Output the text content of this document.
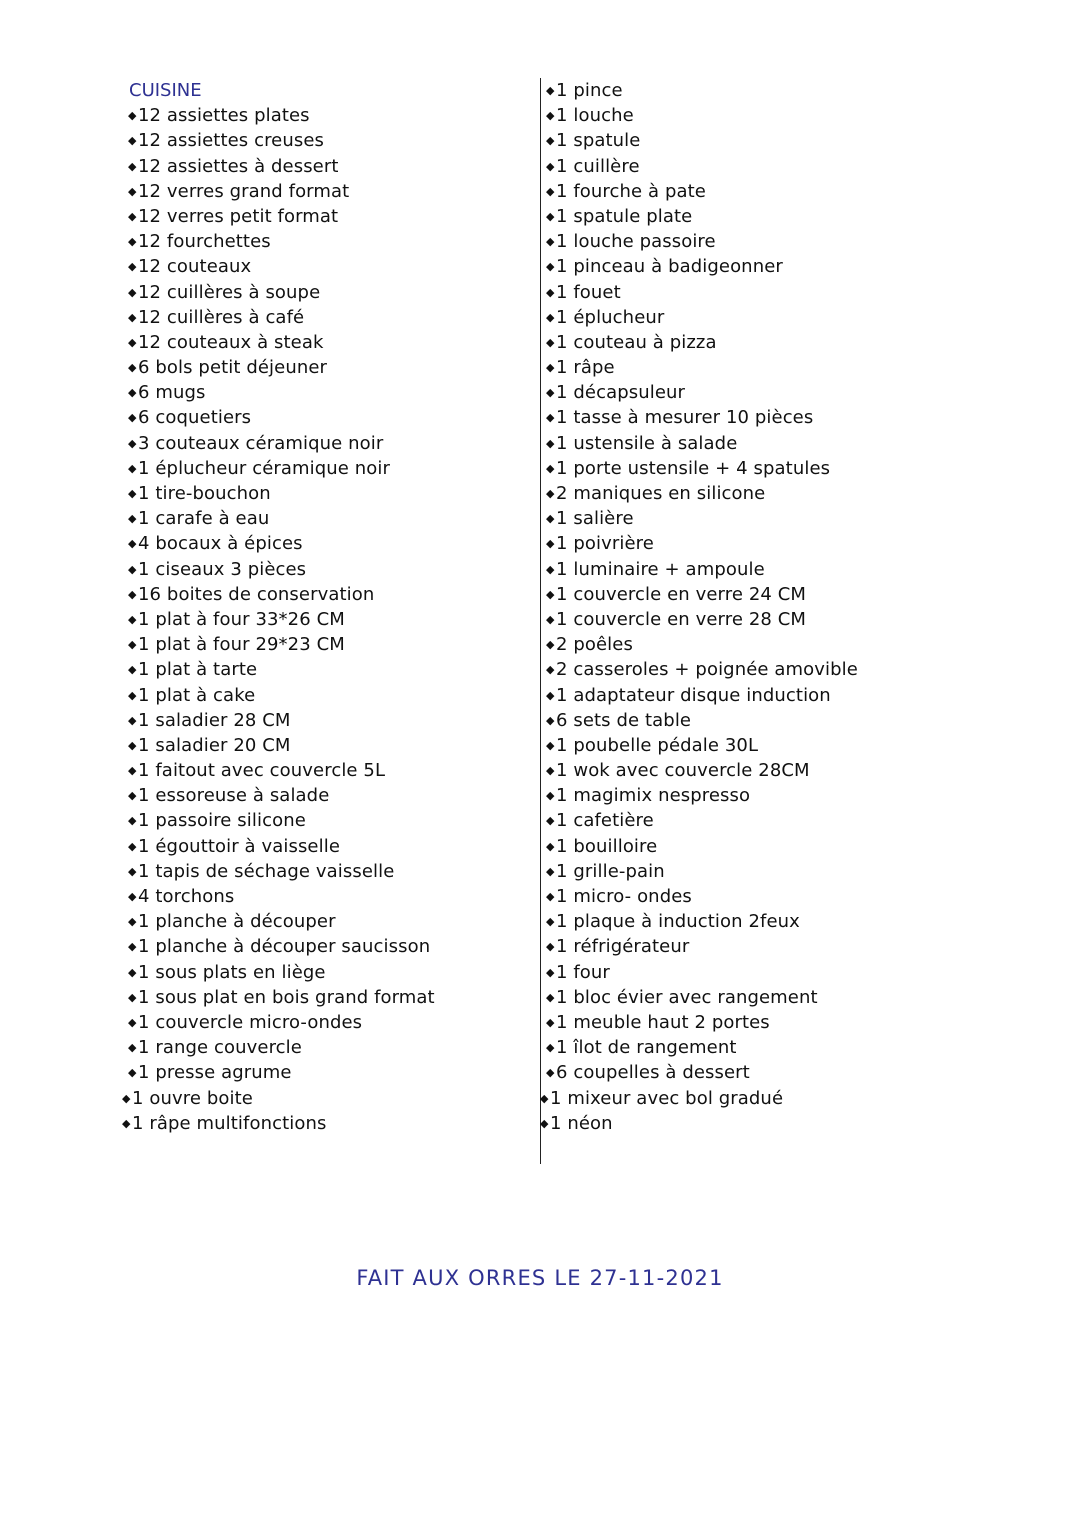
CUISINE
◆12 assiettes plates
◆12 assiettes creuses
◆12 assiettes à dessert
◆12 verres grand format
◆12 verres petit format
◆12 fourchettes
◆12 couteaux
◆12 cuillères à soupe
◆12 cuillères à café
◆12 couteaux à steak
◆6 bols petit déjeuner
◆6 mugs
◆6 coquetiers
◆3 couteaux céramique noir
◆1 éplucheur céramique noir
◆1 tire-bouchon
◆1 carafe à eau
◆4 bocaux à épices
◆1 ciseaux 3 pièces
◆16 boites de conservation
◆1 plat à four 33*26 CM
◆1 plat à four 29*23 CM
◆1 plat à tarte
◆1 plat à cake
◆1 saladier 28 CM
◆1 saladier 20 CM
◆1 faitout avec couvercle 5L
◆1 essoreuse à salade
◆1 passoire silicone
◆1 égouttoir à vaisselle
◆1 tapis de séchage vaisselle
◆4 torchons
◆1 planche à découper
◆1 planche à découper saucisson
◆1 sous plats en liège
◆1 sous plat en bois grand format
◆1 couvercle micro-ondes
◆1 range couvercle
◆1 presse agrume
◆1 ouvre boite
◆1 râpe multifonctions
◆1 pince
◆1 louche
◆1 spatule
◆1 cuillère
◆1 fourche à pate
◆1 spatule plate
◆1 louche passoire
◆1 pinceau à badigeonner
◆1 fouet
◆1 éplucheur
◆1 couteau à pizza
◆1 râpe
◆1 décapsuleur
◆1 tasse à mesurer 10 pièces
◆1 ustensile à salade
◆1 porte ustensile + 4 spatules
◆2 maniques en silicone
◆1 salière
◆1 poivrière
◆1 luminaire + ampoule
◆1 couvercle en verre 24 CM
◆1 couvercle en verre 28 CM
◆2 poêles
◆2 casseroles + poignée amovible
◆1 adaptateur disque induction
◆6 sets de table
◆1 poubelle pédale 30L
◆1 wok avec couvercle 28CM
◆1 magimix nespresso
◆1 cafetière
◆1 bouilloire
◆1 grille-pain
◆1 micro- ondes
◆1 plaque à induction 2feux
◆1 réfrigérateur
◆1 four
◆1 bloc évier avec rangement
◆1 meuble haut 2 portes
◆1 îlot de rangement
◆6 coupelles à dessert
◆1 mixeur avec bol gradué
◆1 néon
FAIT AUX ORRES LE 27-11-2021
